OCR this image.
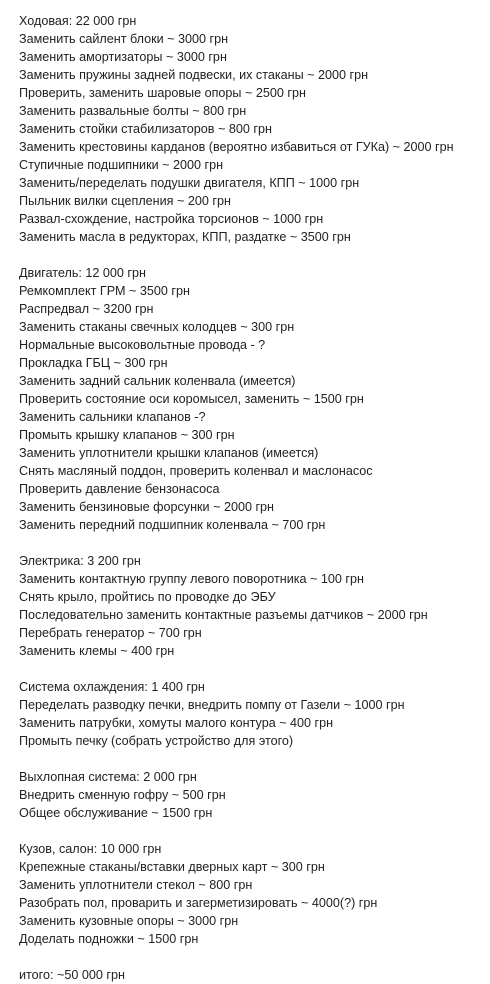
Ходовая: 22 000 грн
Заменить сайлент блоки ~ 3000 грн
Заменить амортизаторы ~ 3000 грн
Заменить пружины задней подвески, их стаканы ~ 2000 грн
Проверить, заменить шаровые опоры ~ 2500 грн
Заменить развальные болты ~ 800 грн
Заменить стойки стабилизаторов ~ 800 грн
Заменить крестовины карданов (вероятно избавиться от ГУКа) ~ 2000 грн
Ступичные подшипники ~ 2000 грн
Заменить/переделать подушки двигателя, КПП ~ 1000 грн
Пыльник вилки сцепления ~ 200 грн
Развал-схождение, настройка торсионов ~ 1000 грн
Заменить масла в редукторах, КПП, раздатке ~ 3500 грн
Двигатель: 12 000 грн
Ремкомплект ГРМ ~ 3500 грн
Распредвал ~ 3200 грн
Заменить стаканы свечных колодцев ~ 300 грн
Нормальные высоковольтные провода - ?
Прокладка ГБЦ ~ 300 грн
Заменить задний сальник коленвала (имеется)
Проверить состояние оси коромысел, заменить ~ 1500 грн
Заменить сальники клапанов -?
Промыть крышку клапанов ~ 300 грн
Заменить уплотнители крышки клапанов (имеется)
Снять масляный поддон, проверить коленвал и маслонасос
Проверить давление бензонасоса
Заменить бензиновые форсунки ~ 2000 грн
Заменить передний подшипник коленвала ~ 700 грн
Электрика: 3 200 грн
Заменить контактную группу левого поворотника ~ 100 грн
Снять крыло, пройтись по проводке до ЭБУ
Последовательно заменить контактные разъемы датчиков ~ 2000 грн
Перебрать генератор ~ 700 грн
Заменить клемы ~ 400 грн
Система охлаждения: 1 400 грн
Переделать разводку печки, внедрить помпу от Газели ~ 1000 грн
Заменить патрубки, хомуты малого контура ~ 400 грн
Промыть печку (собрать устройство для этого)
Выхлопная система: 2 000 грн
Внедрить сменную гофру ~ 500 грн
Общее обслуживание ~ 1500 грн
Кузов, салон: 10 000 грн
Крепежные стаканы/вставки дверных карт ~ 300 грн
Заменить уплотнители стекол ~ 800 грн
Разобрать пол, проварить и загерметизировать ~ 4000(?) грн
Заменить кузовные опоры ~ 3000 грн
Доделать подножки ~ 1500 грн
итого: ~50 000 грн
